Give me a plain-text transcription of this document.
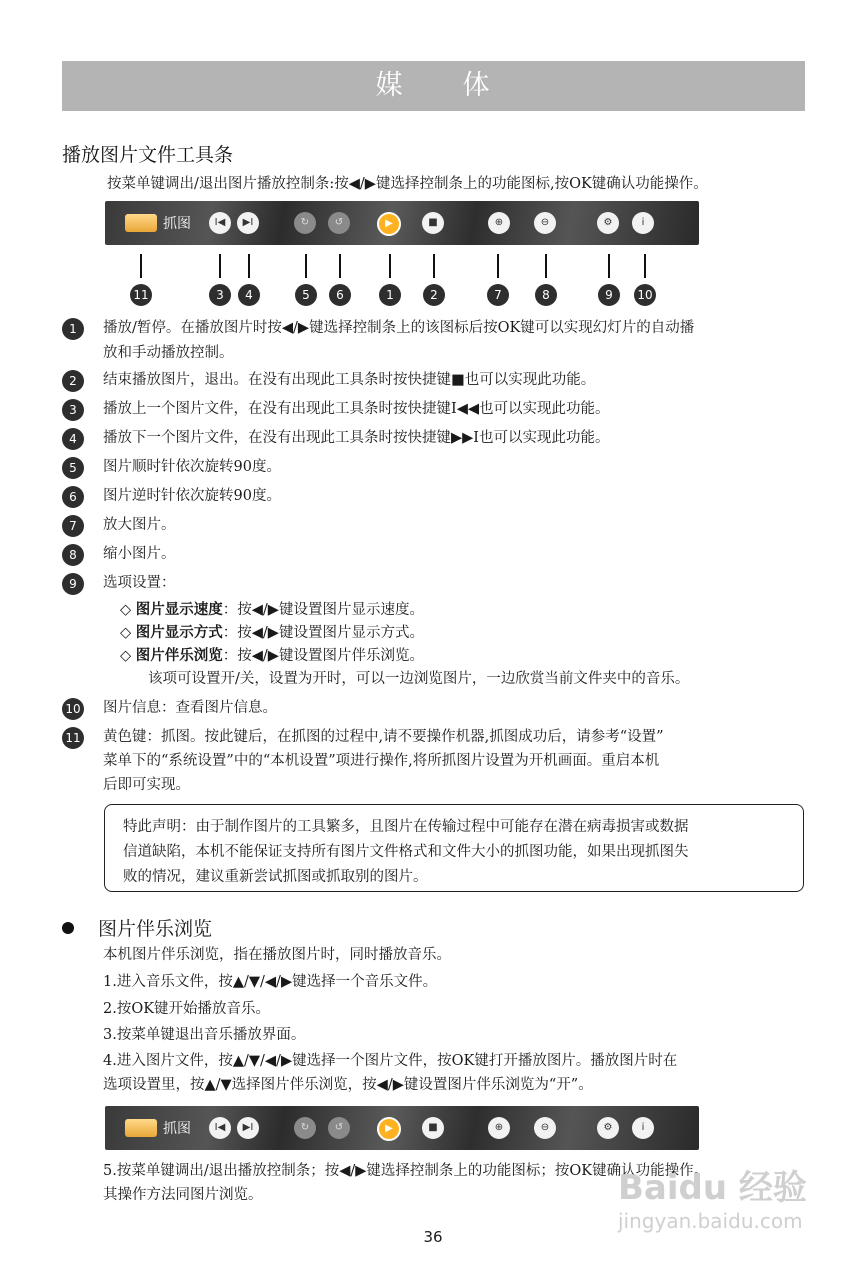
媒　　体
播放图片文件工具条
按菜单键调出/退出图片播放控制条:按◀/▶键选择控制条上的功能图标,按OK键确认功能操作。
抓图	I◀	▶I	↻	↺	▶	■	⊕	⊖	⚙	i
11	3	4	5	6	1	2	7	8	9	10
1	播放/暂停。在播放图片时按◀/▶键选择控制条上的该图标后按OK键可以实现幻灯片的自动播
放和手动播放控制。
2	结束播放图片，退出。在没有出现此工具条时按快捷键■也可以实现此功能。
3	播放上一个图片文件，在没有出现此工具条时按快捷键I◀◀也可以实现此功能。
4	播放下一个图片文件，在没有出现此工具条时按快捷键▶▶I也可以实现此功能。
5	图片顺时针依次旋转90度。
6	图片逆时针依次旋转90度。
7	放大图片。
8	缩小图片。
9	选项设置：
◇ 图片显示速度：按◀/▶键设置图片显示速度。
◇ 图片显示方式：按◀/▶键设置图片显示方式。
◇ 图片伴乐浏览：按◀/▶键设置图片伴乐浏览。
该项可设置开/关，设置为开时，可以一边浏览图片，一边欣赏当前文件夹中的音乐。
10 图片信息：查看图片信息。
11 黄色键：抓图。按此键后，在抓图的过程中,请不要操作机器,抓图成功后，请参考“设置”
菜单下的“系统设置”中的“本机设置”项进行操作,将所抓图片设置为开机画面。重启本机
后即可实现。
特此声明：由于制作图片的工具繁多，且图片在传输过程中可能存在潜在病毒损害或数据
信道缺陷，本机不能保证支持所有图片文件格式和文件大小的抓图功能，如果出现抓图失
败的情况，建议重新尝试抓图或抓取别的图片。
图片伴乐浏览
本机图片伴乐浏览，指在播放图片时，同时播放音乐。
1.进入音乐文件，按▲/▼/◀/▶键选择一个音乐文件。
2.按OK键开始播放音乐。
3.按菜单键退出音乐播放界面。
4.进入图片文件，按▲/▼/◀/▶键选择一个图片文件，按OK键打开播放图片。播放图片时在
选项设置里，按▲/▼选择图片伴乐浏览，按◀/▶键设置图片伴乐浏览为“开”。
抓图	I◀	▶I	↻	↺	▶	■	⊕	⊖	⚙	i
5.按菜单键调出/退出播放控制条；按◀/▶键选择控制条上的功能图标；按OK键确认功能操作。
其操作方法同图片浏览。
36
Baidu 经验
jingyan.baidu.com
